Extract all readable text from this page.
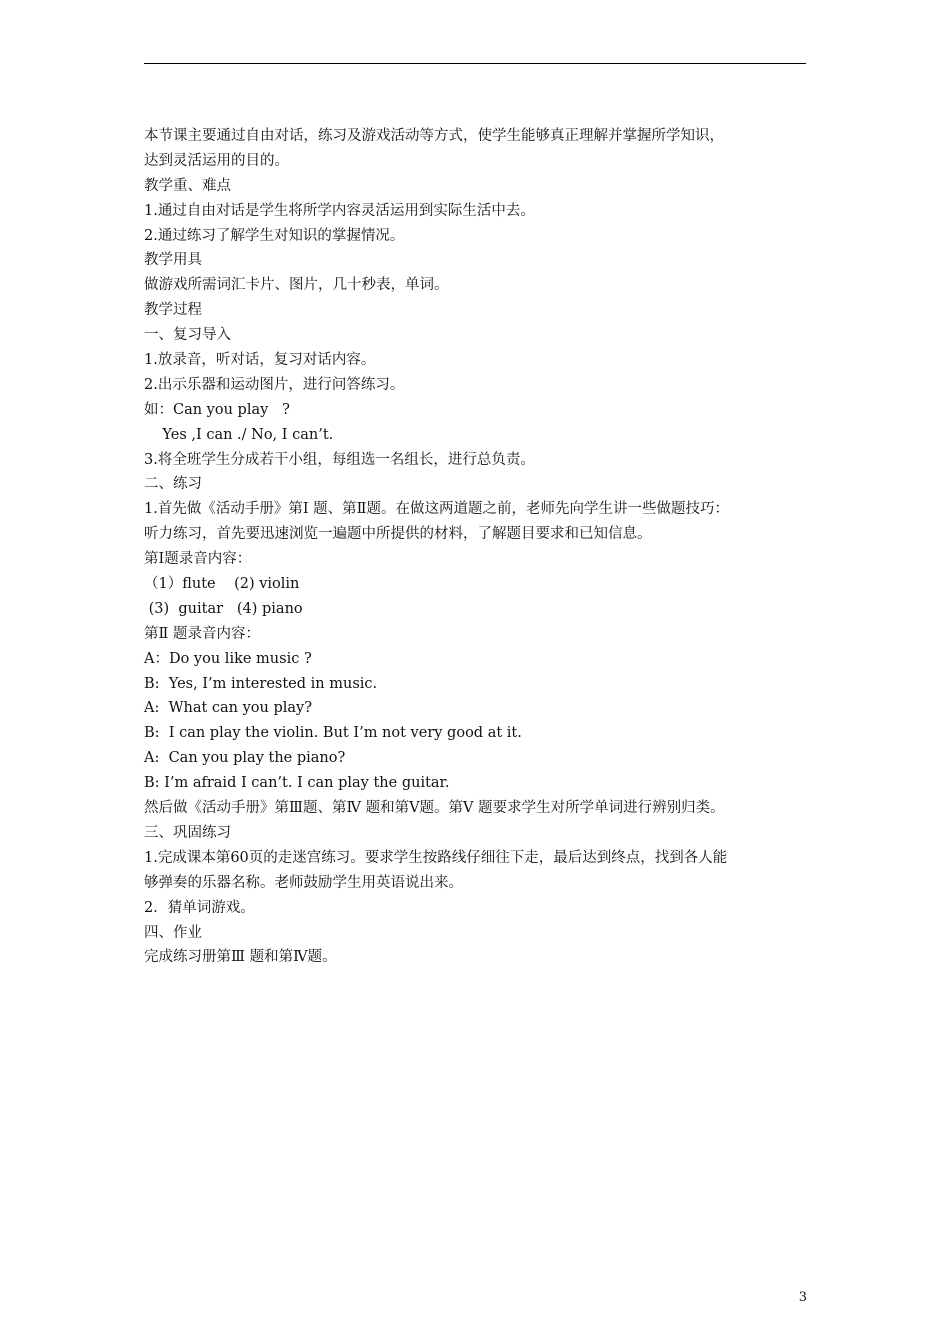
本节课主要通过自由对话，练习及游戏活动等方式，使学生能够真正理解并掌握所学知识，
达到灵活运用的目的。
教学重、难点
1.通过自由对话是学生将所学内容灵活运用到实际生活中去。
2.通过练习了解学生对知识的掌握情况。
教学用具
做游戏所需词汇卡片、图片，几十秒表，单词。
教学过程
一、复习导入
1.放录音，听对话，复习对话内容。
2.出示乐器和运动图片，进行问答练习。
如：Can you play   ?
Yes ,I can ./ No, I can’t.
3.将全班学生分成若干小组，每组选一名组长，进行总负责。
二、练习
1.首先做《活动手册》第Ⅰ 题、第Ⅱ题。在做这两道题之前，老师先向学生讲一些做题技巧：
听力练习，首先要迅速浏览一遍题中所提供的材料，了解题目要求和已知信息。
第Ⅰ题录音内容：
（1）flute    (2) violin
(3)  guitar   (4) piano
第Ⅱ 题录音内容：
A：Do you like music ?
B:  Yes, I’m interested in music.
A:  What can you play?
B:  I can play the violin. But I’m not very good at it.
A:  Can you play the piano?
B: I’m afraid I can’t. I can play the guitar.
然后做《活动手册》第Ⅲ题、第Ⅳ 题和第Ⅴ题。第Ⅴ 题要求学生对所学单词进行辨别归类。
三、巩固练习
1.完成课本第60页的走迷宫练习。要求学生按路线仔细往下走，最后达到终点，找到各人能
够弹奏的乐器名称。老师鼓励学生用英语说出来。
2．猜单词游戏。
四、作业
完成练习册第Ⅲ 题和第Ⅳ题。
3
